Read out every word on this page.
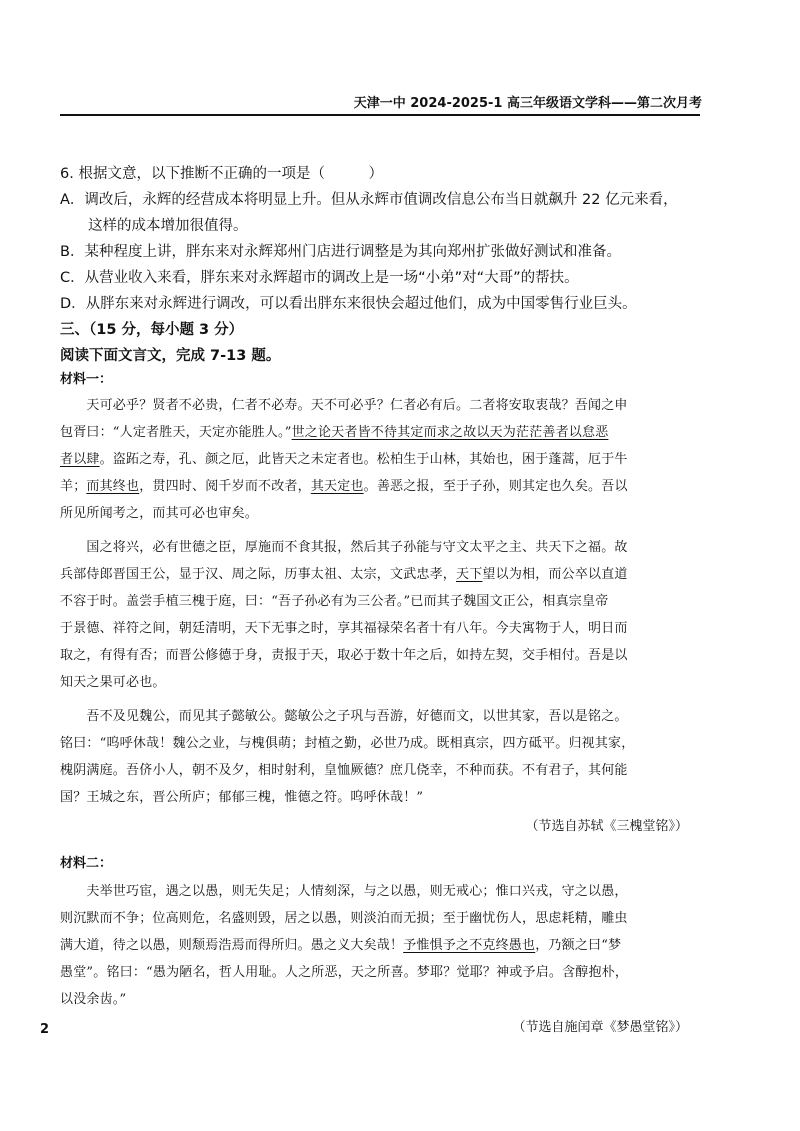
天津一中 2024-2025-1 高三年级语文学科——第二次月考
6. 根据文意，以下推断不正确的一项是（　　　）
A．调改后，永辉的经营成本将明显上升。但从永辉市值调改信息公布当日就飙升 22 亿元来看，
这样的成本增加很值得。
B．某种程度上讲，胖东来对永辉郑州门店进行调整是为其向郑州扩张做好测试和准备。
C．从营业收入来看，胖东来对永辉超市的调改上是一场“小弟”对“大哥”的帮扶。
D．从胖东来对永辉进行调改，可以看出胖东来很快会超过他们，成为中国零售行业巨头。
三、（15 分，每小题 3 分）
阅读下面文言文，完成 7-13 题。
材料一：
　　天可必乎？贤者不必贵，仁者不必寿。天不可必乎？仁者必有后。二者将安取衷哉？吾闻之申
包胥曰：“人定者胜天，天定亦能胜人。”世之论天者皆不待其定而求之故以天为茫茫善者以怠恶
者以肆。盗跖之寿，孔、颜之厄，此皆天之未定者也。松柏生于山林，其始也，困于蓬蒿，厄于牛
羊；而其终也，贯四时、阅千岁而不改者，其天定也。善恶之报，至于子孙，则其定也久矣。吾以
所见所闻考之，而其可必也审矣。
　　国之将兴，必有世德之臣，厚施而不食其报，然后其子孙能与守文太平之主、共天下之福。故
兵部侍郎晋国王公，显于汉、周之际，历事太祖、太宗，文武忠孝，天下望以为相，而公卒以直道
不容于时。盖尝手植三槐于庭，曰：“吾子孙必有为三公者。”已而其子魏国文正公，相真宗皇帝
于景德、祥符之间，朝廷清明，天下无事之时，享其福禄荣名者十有八年。今夫寓物于人，明日而
取之，有得有否；而晋公修德于身，责报于天，取必于数十年之后，如持左契，交手相付。吾是以
知天之果可必也。
　　吾不及见魏公，而见其子懿敏公。懿敏公之子巩与吾游，好德而文，以世其家，吾以是铭之。
铭曰：“呜呼休哉！魏公之业，与槐俱萌；封植之勤，必世乃成。既相真宗，四方砥平。归视其家，
槐阴满庭。吾侪小人，朝不及夕，相时射利，皇恤厥德？庶几侥幸，不种而获。不有君子，其何能
国？王城之东，晋公所庐；郁郁三槐，惟德之符。呜呼休哉！”
（节选自苏轼《三槐堂铭》）
材料二：
　　夫举世巧宦，遇之以愚，则无失足；人情刻深，与之以愚，则无戒心；惟口兴戎，守之以愚，
则沉默而不争；位高则危，名盛则毁，居之以愚，则淡泊而无损；至于幽忧伤人，思虑耗精，雕虫
满大道，待之以愚，则颓焉浩焉而得所归。愚之义大矣哉！予惟惧予之不克终愚也，乃额之曰“梦
愚堂”。铭曰：“愚为陋名，哲人用耻。人之所恶，天之所喜。梦耶？觉耶？神或予启。含醇抱朴，
以没余齿。”
（节选自施闰章《梦愚堂铭》）
2
